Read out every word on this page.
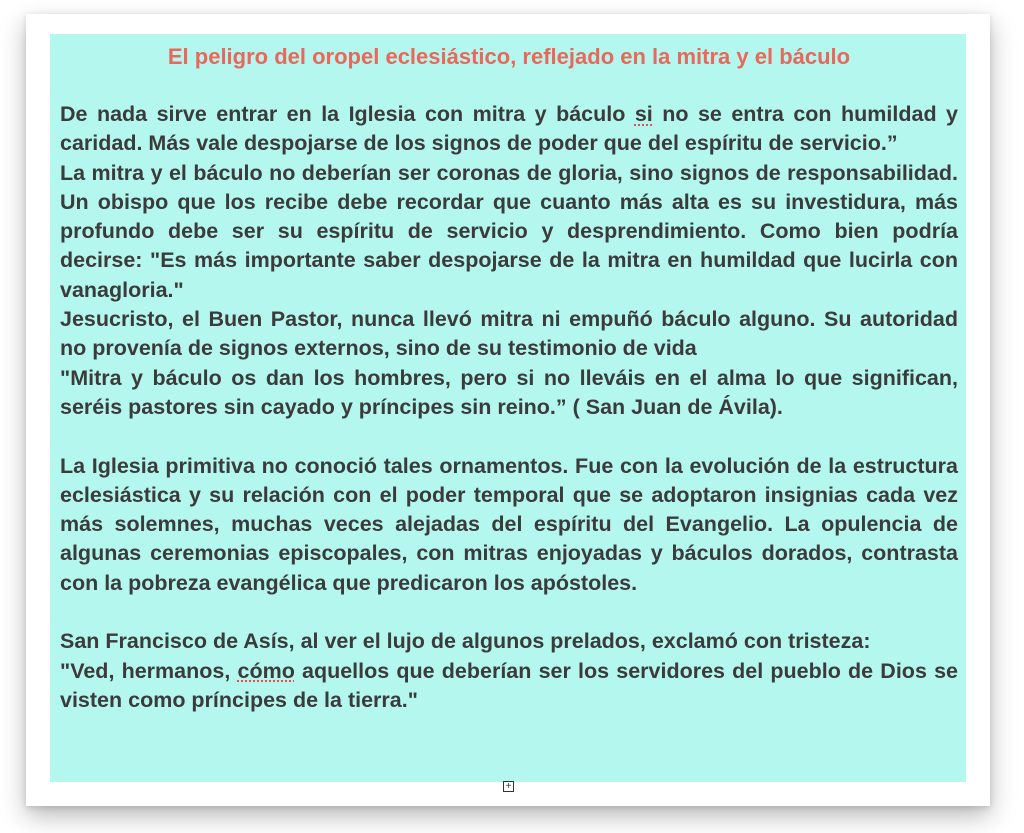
El peligro del oropel eclesiástico, reflejado en la mitra y el báculo

De nada sirve entrar en la Iglesia con mitra y báculo si no se entra con humildad y caridad. Más vale despojarse de los signos de poder que del espíritu de servicio.”

La mitra y el báculo no deberían ser coronas de gloria, sino signos de responsabilidad. Un obispo que los recibe debe recordar que cuanto más alta es su investidura, más profundo debe ser su espíritu de servicio y desprendimiento. Como bien podría decirse: "Es más importante saber despojarse de la mitra en humildad que lucirla con vanagloria."

Jesucristo, el Buen Pastor, nunca llevó mitra ni empuñó báculo alguno. Su autoridad no provenía de signos externos, sino de su testimonio de vida

"Mitra y báculo os dan los hombres, pero si no lleváis en el alma lo que significan, seréis pastores sin cayado y príncipes sin reino.” ( San Juan de Ávila).

La Iglesia primitiva no conoció tales ornamentos. Fue con la evolución de la estructura eclesiástica y su relación con el poder temporal que se adoptaron insignias cada vez más solemnes, muchas veces alejadas del espíritu del Evangelio. La opulencia de algunas ceremonias episcopales, con mitras enjoyadas y báculos dorados, contrasta con la pobreza evangélica que predicaron los apóstoles.

San Francisco de Asís, al ver el lujo de algunos prelados, exclamó con tristeza:

"Ved, hermanos, cómo aquellos que deberían ser los servidores del pueblo de Dios se visten como príncipes de la tierra."

+
